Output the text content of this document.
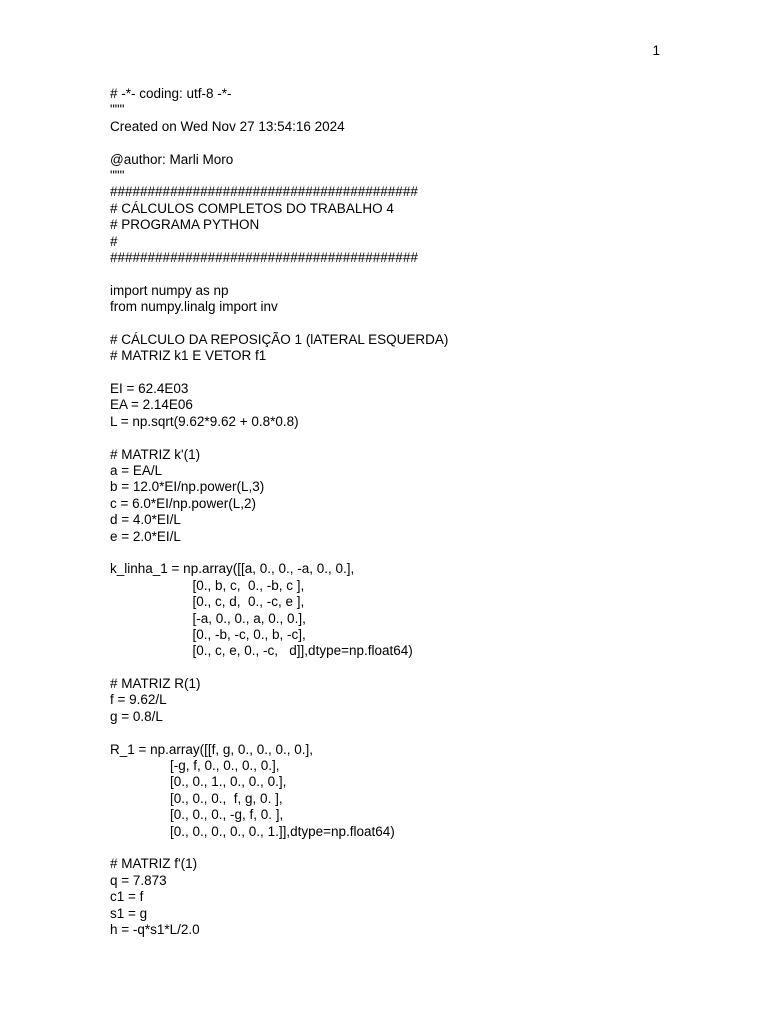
1
# -*- coding: utf-8 -*-
"""
Created on Wed Nov 27 13:54:16 2024
@author: Marli Moro
"""
#########################################
# CÁLCULOS COMPLETOS DO TRABALHO 4
# PROGRAMA PYTHON
#
#########################################
import numpy as np
from numpy.linalg import inv
# CÁLCULO DA REPOSIÇÃO 1 (lATERAL ESQUERDA)
# MATRIZ k1 E VETOR f1
EI = 62.4E03
EA = 2.14E06
L = np.sqrt(9.62*9.62 + 0.8*0.8)
# MATRIZ k'(1)
a = EA/L
b = 12.0*EI/np.power(L,3)
c = 6.0*EI/np.power(L,2)
d = 4.0*EI/L
e = 2.0*EI/L
k_linha_1 = np.array([[a, 0., 0., -a, 0., 0.],
[0., b, c,  0., -b, c ],
[0., c, d,  0., -c, e ],
[-a, 0., 0., a, 0., 0.],
[0., -b, -c, 0., b, -c],
[0., c, e, 0., -c,   d]],dtype=np.float64)
# MATRIZ R(1)
f = 9.62/L
g = 0.8/L
R_1 = np.array([[f, g, 0., 0., 0., 0.],
[-g, f, 0., 0., 0., 0.],
[0., 0., 1., 0., 0., 0.],
[0., 0., 0.,  f, g, 0. ],
[0., 0., 0., -g, f, 0. ],
[0., 0., 0., 0., 0., 1.]],dtype=np.float64)
# MATRIZ f'(1)
q = 7.873
c1 = f
s1 = g
h = -q*s1*L/2.0
